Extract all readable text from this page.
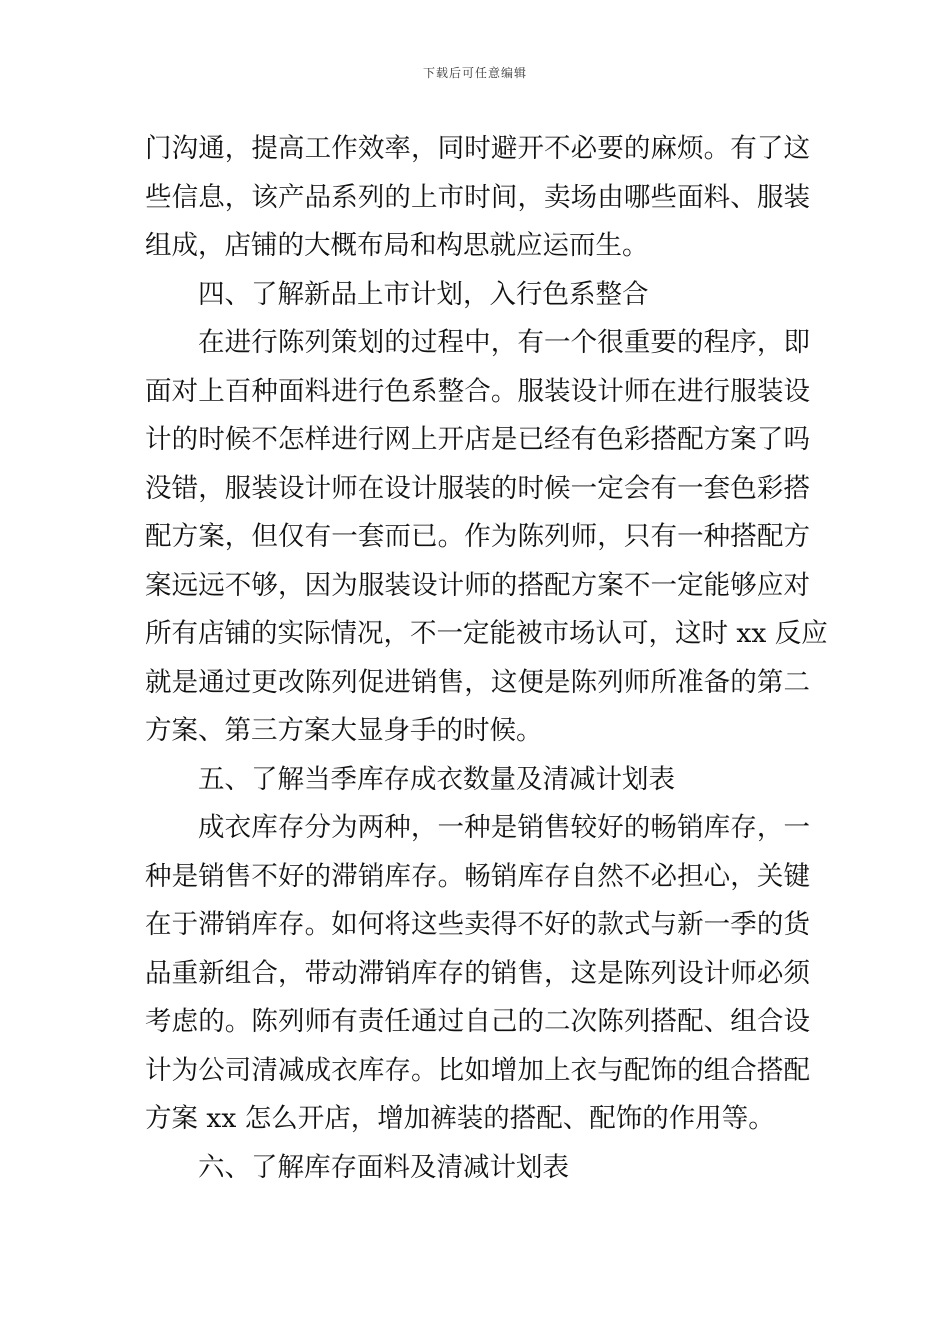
下载后可任意编辑
门沟通，提高工作效率，同时避开不必要的麻烦。有了这
些信息，该产品系列的上市时间，卖场由哪些面料、服装
组成，店铺的大概布局和构思就应运而生。
四、了解新品上市计划，入行色系整合
在进行陈列策划的过程中，有一个很重要的程序，即
面对上百种面料进行色系整合。服装设计师在进行服装设
计的时候不怎样进行网上开店是已经有色彩搭配方案了吗
没错，服装设计师在设计服装的时候一定会有一套色彩搭
配方案，但仅有一套而已。作为陈列师，只有一种搭配方
案远远不够，因为服装设计师的搭配方案不一定能够应对
所有店铺的实际情况，不一定能被市场认可，这时 xx 反应
就是通过更改陈列促进销售，这便是陈列师所准备的第二
方案、第三方案大显身手的时候。
五、了解当季库存成衣数量及清减计划表
成衣库存分为两种，一种是销售较好的畅销库存，一
种是销售不好的滞销库存。畅销库存自然不必担心，关键
在于滞销库存。如何将这些卖得不好的款式与新一季的货
品重新组合，带动滞销库存的销售，这是陈列设计师必须
考虑的。陈列师有责任通过自己的二次陈列搭配、组合设
计为公司清减成衣库存。比如增加上衣与配饰的组合搭配
方案 xx 怎么开店，增加裤装的搭配、配饰的作用等。
六、了解库存面料及清减计划表
